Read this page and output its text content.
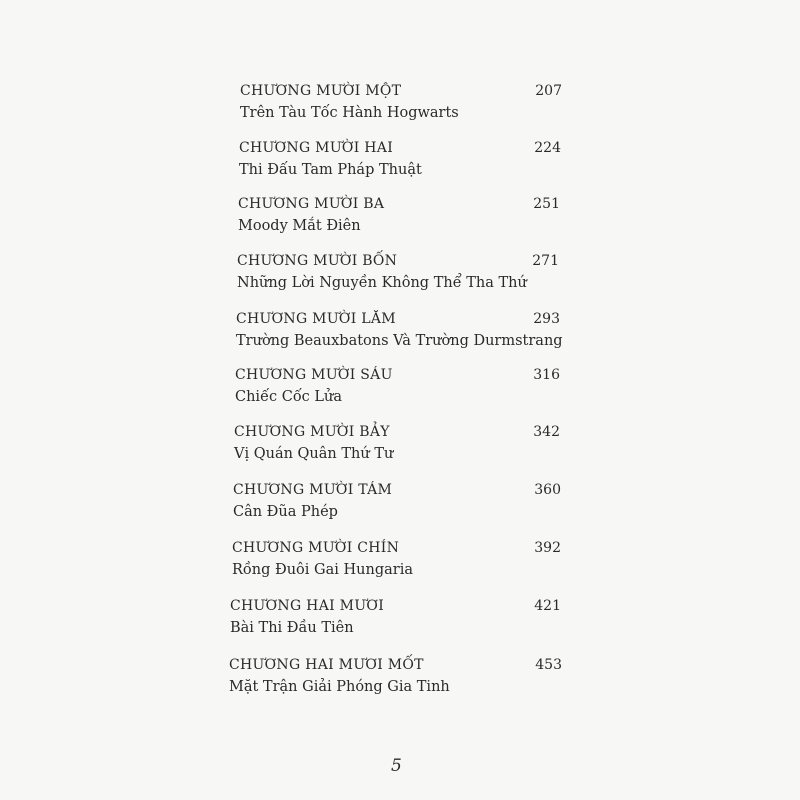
CHƯƠNG MƯỜI MỘT
Trên Tàu Tốc Hành Hogwarts
207
CHƯƠNG MƯỜI HAI
Thi Đấu Tam Pháp Thuật
224
CHƯƠNG MƯỜI BA
Moody Mắt Điên
251
CHƯƠNG MƯỜI BỐN
Những Lời Nguyền Không Thể Tha Thứ
271
CHƯƠNG MƯỜI LĂM
Trường Beauxbatons Và Trường Durmstrang
293
CHƯƠNG MƯỜI SÁU
Chiếc Cốc Lửa
316
CHƯƠNG MƯỜI BẢY
Vị Quán Quân Thứ Tư
342
CHƯƠNG MƯỜI TÁM
Cân Đũa Phép
360
CHƯƠNG MƯỜI CHÍN
Rồng Đuôi Gai Hungaria
392
CHƯƠNG HAI MƯƠI
Bài Thi Đầu Tiên
421
CHƯƠNG HAI MƯƠI MỐT
Mặt Trận Giải Phóng Gia Tinh
453
5
